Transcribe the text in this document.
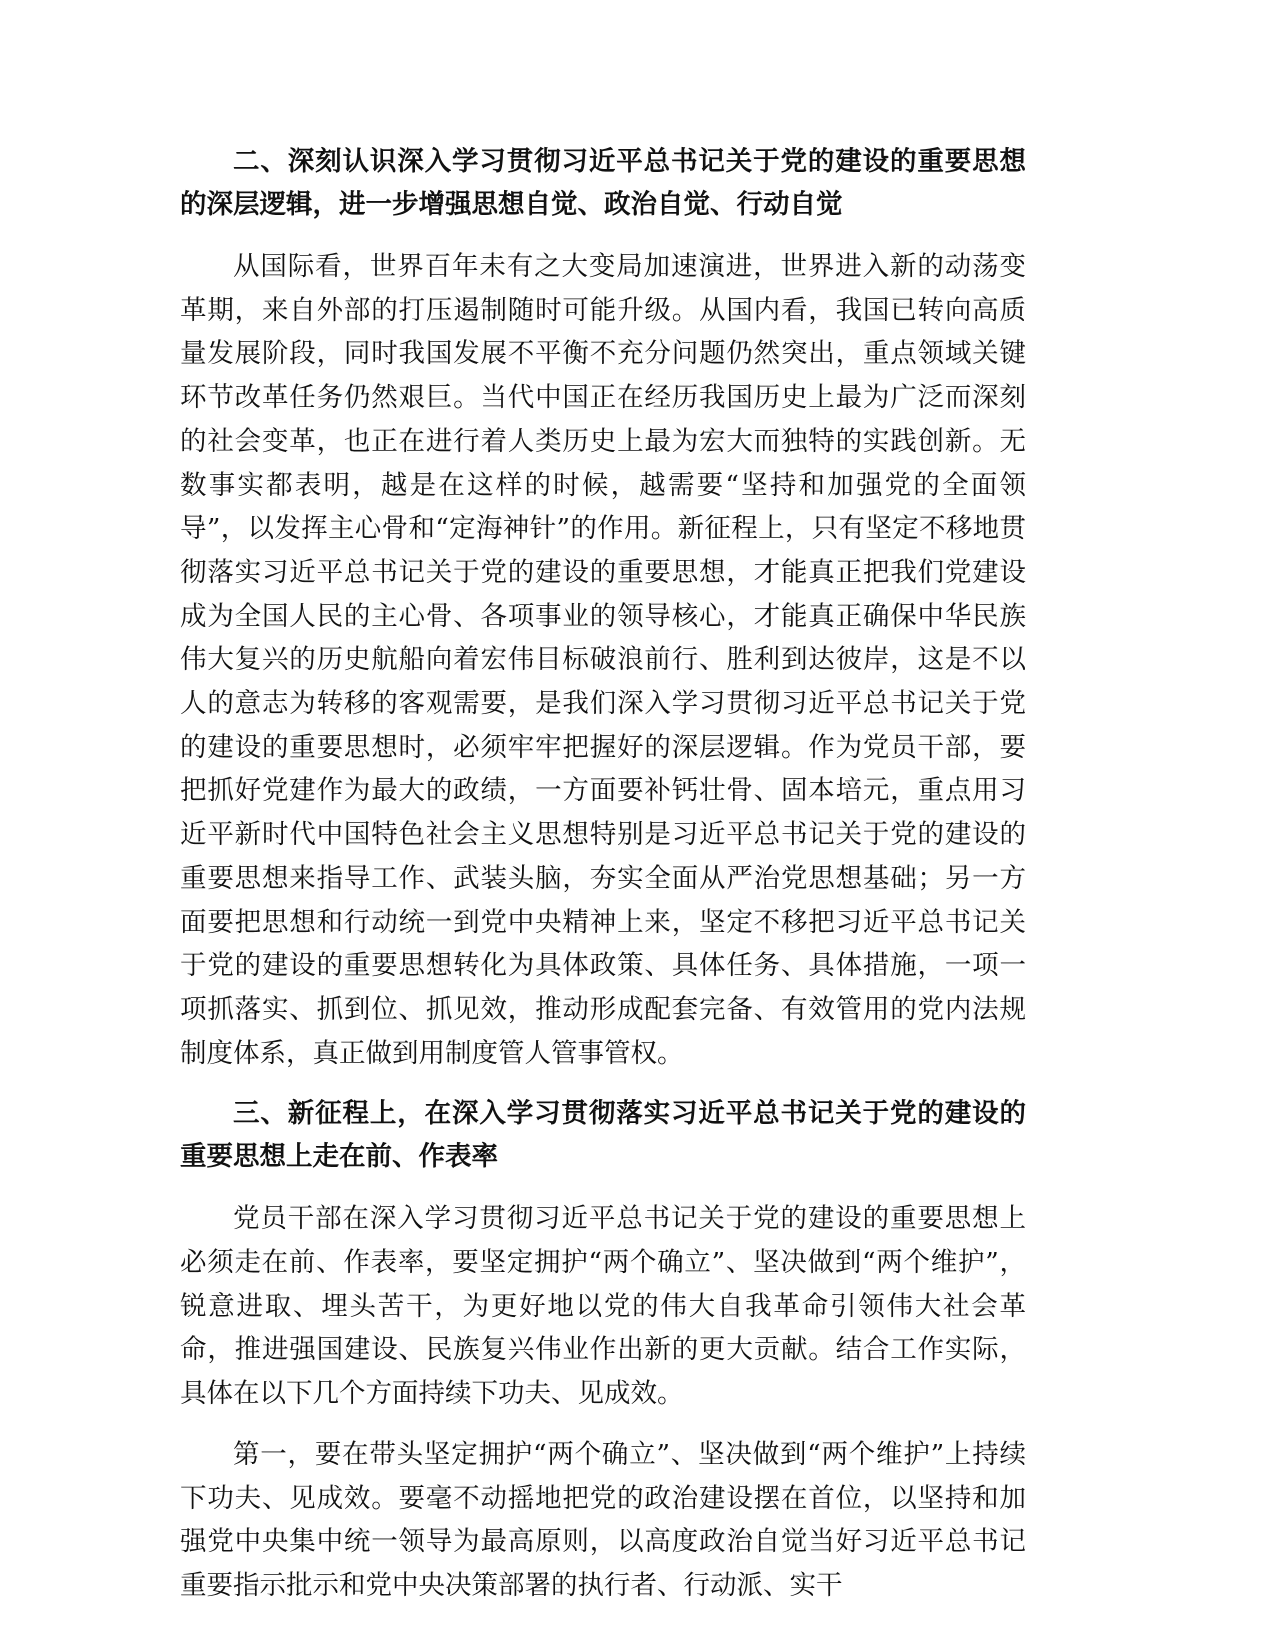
二、深刻认识深入学习贯彻习近平总书记关于党的建设的重要思想的深层逻辑，进一步增强思想自觉、政治自觉、行动自觉

从国际看，世界百年未有之大变局加速演进，世界进入新的动荡变革期，来自外部的打压遏制随时可能升级。从国内看，我国已转向高质量发展阶段，同时我国发展不平衡不充分问题仍然突出，重点领域关键环节改革任务仍然艰巨。当代中国正在经历我国历史上最为广泛而深刻的社会变革，也正在进行着人类历史上最为宏大而独特的实践创新。无数事实都表明，越是在这样的时候，越需要“坚持和加强党的全面领导”，以发挥主心骨和“定海神针”的作用。新征程上，只有坚定不移地贯彻落实习近平总书记关于党的建设的重要思想，才能真正把我们党建设成为全国人民的主心骨、各项事业的领导核心，才能真正确保中华民族伟大复兴的历史航船向着宏伟目标破浪前行、胜利到达彼岸，这是不以人的意志为转移的客观需要，是我们深入学习贯彻习近平总书记关于党的建设的重要思想时，必须牢牢把握好的深层逻辑。作为党员干部，要把抓好党建作为最大的政绩，一方面要补钙壮骨、固本培元，重点用习近平新时代中国特色社会主义思想特别是习近平总书记关于党的建设的重要思想来指导工作、武装头脑，夯实全面从严治党思想基础；另一方面要把思想和行动统一到党中央精神上来，坚定不移把习近平总书记关于党的建设的重要思想转化为具体政策、具体任务、具体措施，一项一项抓落实、抓到位、抓见效，推动形成配套完备、有效管用的党内法规制度体系，真正做到用制度管人管事管权。

三、新征程上，在深入学习贯彻落实习近平总书记关于党的建设的重要思想上走在前、作表率

党员干部在深入学习贯彻习近平总书记关于党的建设的重要思想上必须走在前、作表率，要坚定拥护“两个确立”、坚决做到“两个维护”，锐意进取、埋头苦干，为更好地以党的伟大自我革命引领伟大社会革命，推进强国建设、民族复兴伟业作出新的更大贡献。结合工作实际，具体在以下几个方面持续下功夫、见成效。

第一，要在带头坚定拥护“两个确立”、坚决做到“两个维护”上持续下功夫、见成效。要毫不动摇地把党的政治建设摆在首位，以坚持和加强党中央集中统一领导为最高原则，以高度政治自觉当好习近平总书记重要指示批示和党中央决策部署的执行者、行动派、实干
